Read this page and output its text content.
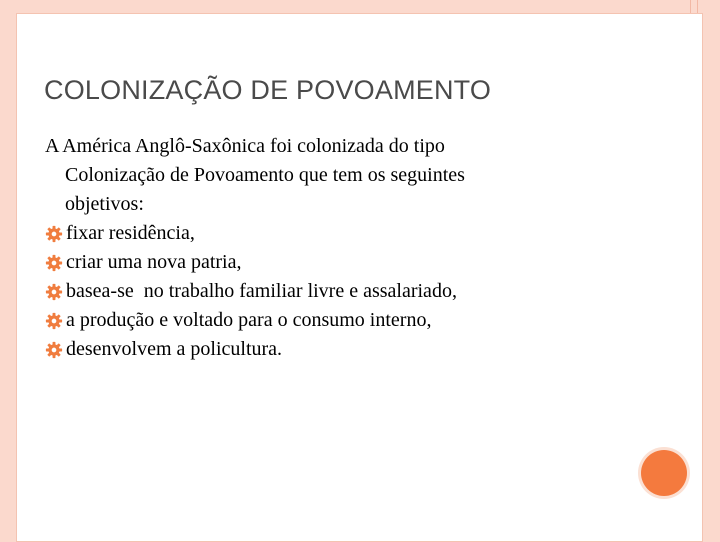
COLONIZAÇÃO DE POVOAMENTO

A América Anglô-Saxônica foi colonizada do tipo
Colonização de Povoamento que tem os seguintes
objetivos:

fixar residência,
criar uma nova patria,
basea-se  no trabalho familiar livre e assalariado,
a produção e voltado para o consumo interno,
desenvolvem a policultura.
